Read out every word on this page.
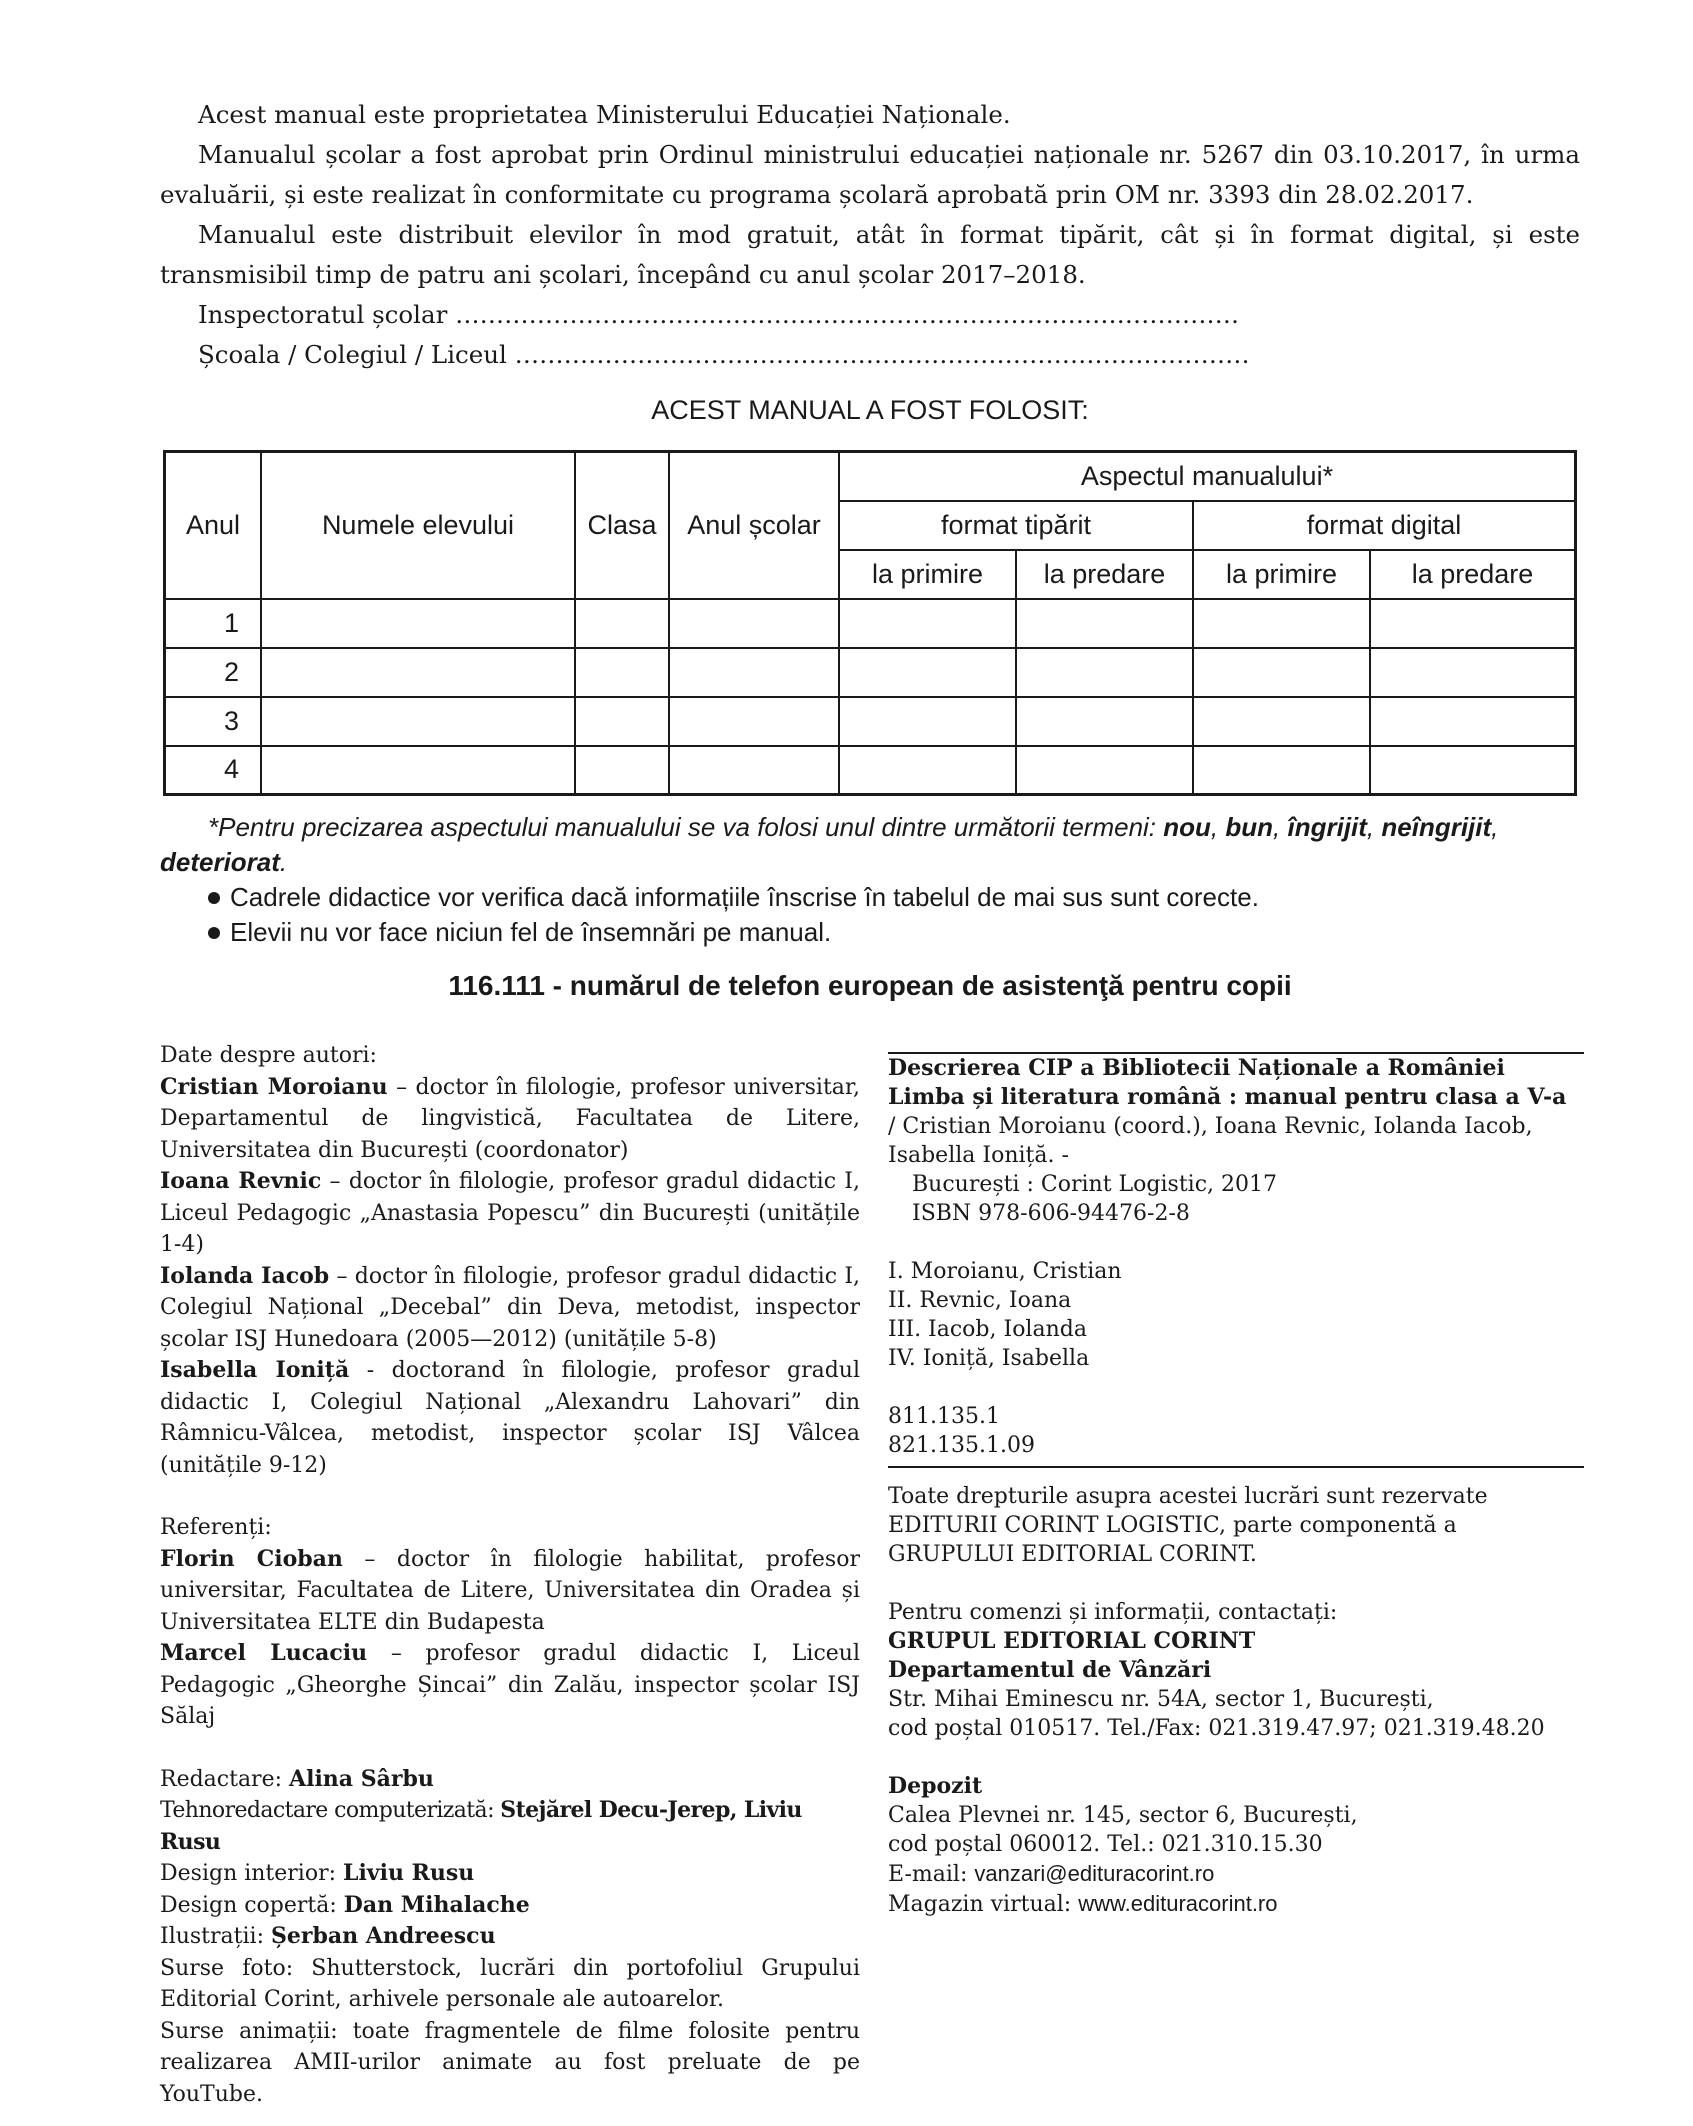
Acest manual este proprietatea Ministerului Educației Naționale.

Manualul școlar a fost aprobat prin Ordinul ministrului educației naționale nr. 5267 din 03.10.2017, în urma evaluării, și este realizat în conformitate cu programa școlară aprobată prin OM nr. 3393 din 28.02.2017.

Manualul este distribuit elevilor în mod gratuit, atât în format tipărit, cât și în format digital, și este transmisibil timp de patru ani școlari, începând cu anul școlar 2017–2018.

Inspectoratul școlar ……………………………………………………………………………………

Școala / Colegiul / Liceul ………………………………………………………………………………

ACEST MANUAL A FOST FOLOSIT:
Anul	Numele elevului	Clasa	Anul școlar	Aspectul manualului*			
				format tipărit		format digital	
				la primire	la predare	la primire	la predare
1							
2							
3							
4							

*Pentru precizarea aspectului manualului se va folosi unul dintre următorii termeni: nou, bun, îngrijit, neîngrijit, deteriorat.

Cadrele didactice vor verifica dacă informațiile înscrise în tabelul de mai sus sunt corecte.

Elevii nu vor face niciun fel de însemnări pe manual.

116.111 - numărul de telefon european de asistenţă pentru copii

Date despre autori:

Cristian Moroianu – doctor în filologie, profesor universitar, Departamentul de lingvistică, Facultatea de Litere, Universitatea din București (coordonator)

Ioana Revnic – doctor în filologie, profesor gradul didactic I, Liceul Pedagogic „Anastasia Popescu” din București (unitățile 1-4)

Iolanda Iacob – doctor în filologie, profesor gradul didactic I, Colegiul Național „Decebal” din Deva, metodist, inspector școlar ISJ Hunedoara (2005—2012) (unitățile 5-8)

Isabella Ioniță - doctorand în filologie, profesor gradul didactic I, Colegiul Național „Alexandru Lahovari” din Râmnicu-Vâlcea, metodist, inspector școlar ISJ Vâlcea (unitățile 9-12)

Referenți:

Florin Cioban – doctor în filologie habilitat, profesor universitar, Facultatea de Litere, Universitatea din Oradea și Universitatea ELTE din Budapesta

Marcel Lucaciu – profesor gradul didactic I, Liceul Pedagogic „Gheorghe Șincai” din Zalău, inspector școlar ISJ Sălaj

Redactare: Alina Sârbu

Tehnoredactare computerizată: Stejărel Decu-Jerep, Liviu Rusu

Design interior: Liviu Rusu

Design copertă: Dan Mihalache

Ilustrații: Șerban Andreescu

Surse foto: Shutterstock, lucrări din portofoliul Grupului Editorial Corint, arhivele personale ale autoarelor.

Surse animații: toate fragmentele de filme folosite pentru realizarea AMII-urilor animate au fost preluate de pe YouTube.

Descrierea CIP a Bibliotecii Naționale a României

Limba și literatura română : manual pentru clasa a V-a

/ Cristian Moroianu (coord.), Ioana Revnic, Iolanda Iacob, Isabella Ioniță. -

București : Corint Logistic, 2017

ISBN 978-606-94476-2-8

I. Moroianu, Cristian

II. Revnic, Ioana

III. Iacob, Iolanda

IV. Ioniță, Isabella

811.135.1

821.135.1.09

Toate drepturile asupra acestei lucrări sunt rezervate EDITURII CORINT LOGISTIC, parte componentă a GRUPULUI EDITORIAL CORINT.

Pentru comenzi și informații, contactați:

GRUPUL EDITORIAL CORINT

Departamentul de Vânzări

Str. Mihai Eminescu nr. 54A, sector 1, București,

cod poștal 010517. Tel./Fax: 021.319.47.97; 021.319.48.20

Depozit

Calea Plevnei nr. 145, sector 6, București,

cod poștal 060012. Tel.: 021.310.15.30

E-mail: vanzari@edituracorint.ro

Magazin virtual: www.edituracorint.ro
